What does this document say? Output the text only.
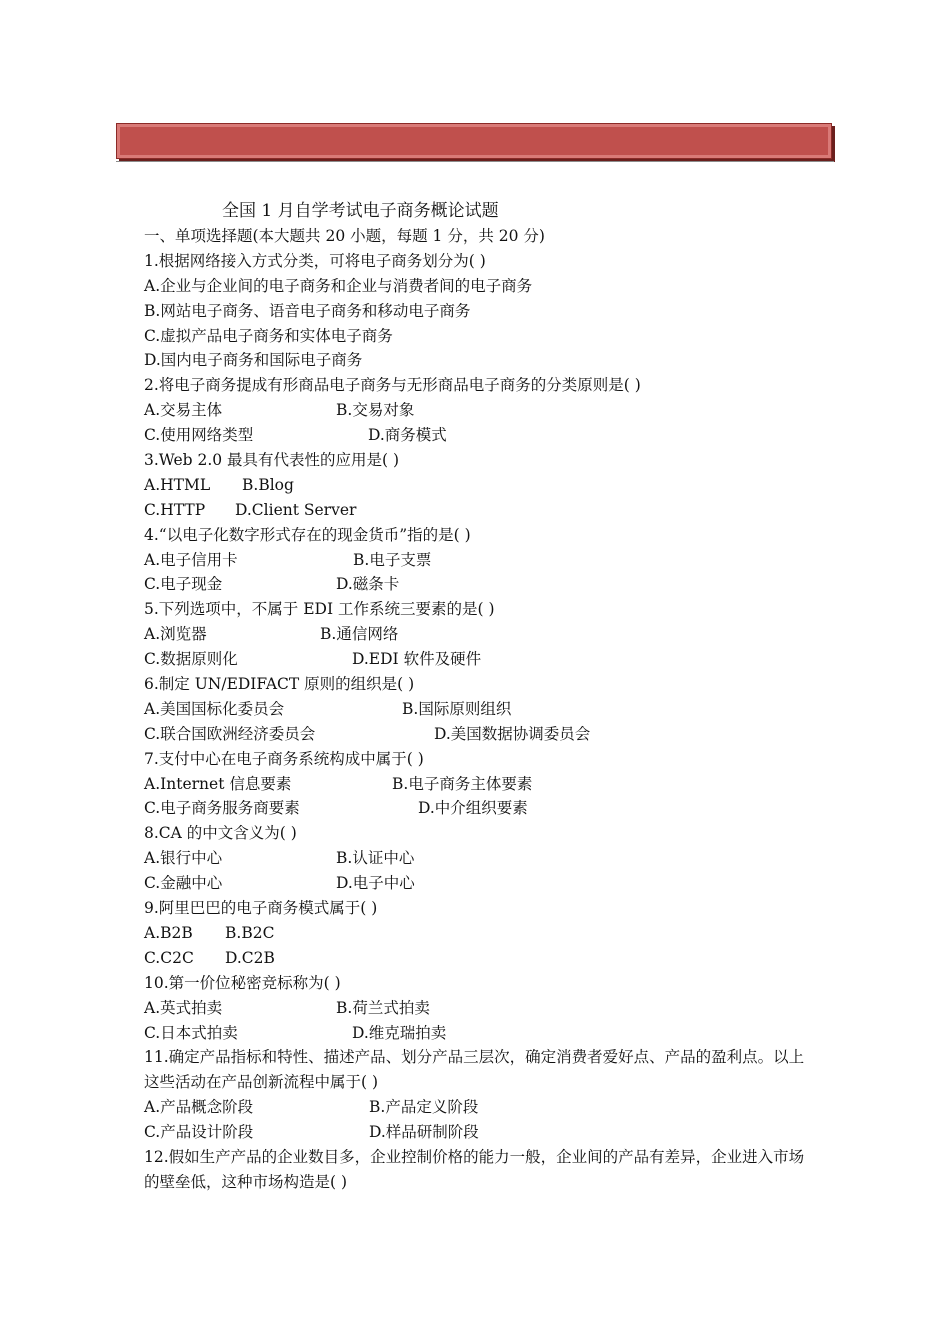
全国 1 月自学考试电子商务概论试题
一、单项选择题(本大题共 20 小题，每题 1 分，共 20 分)
1.根据网络接入方式分类，可将电子商务划分为( )
A.企业与企业间的电子商务和企业与消费者间的电子商务
B.网站电子商务、语音电子商务和移动电子商务
C.虚拟产品电子商务和实体电子商务
D.国内电子商务和国际电子商务
2.将电子商务提成有形商品电子商务与无形商品电子商务的分类原则是( )
A.交易主体	B.交易对象
C.使用网络类型	D.商务模式
3.Web 2.0 最具有代表性的应用是( )
A.HTML B.Blog
C.HTTP D.Client Server
4.“以电子化数字形式存在的现金货币”指的是( )
A.电子信用卡	B.电子支票
C.电子现金	D.磁条卡
5.下列选项中，不属于 EDI 工作系统三要素的是( )
A.浏览器	B.通信网络
C.数据原则化	D.EDI 软件及硬件
6.制定 UN/EDIFACT 原则的组织是( )
A.美国国标化委员会	B.国际原则组织
C.联合国欧洲经济委员会	D.美国数据协调委员会
7.支付中心在电子商务系统构成中属于( )
A.Internet 信息要素	B.电子商务主体要素
C.电子商务服务商要素	D.中介组织要素
8.CA 的中文含义为( )
A.银行中心	B.认证中心
C.金融中心	D.电子中心
9.阿里巴巴的电子商务模式属于( )
A.B2B B.B2C
C.C2C D.C2B
10.第一价位秘密竞标称为( )
A.英式拍卖	B.荷兰式拍卖
C.日本式拍卖	D.维克瑞拍卖
11.确定产品指标和特性、描述产品、划分产品三层次，确定消费者爱好点、产品的盈利点。以上这些活动在产品创新流程中属于( )
A.产品概念阶段	B.产品定义阶段
C.产品设计阶段	D.样品研制阶段
12.假如生产产品的企业数目多，企业控制价格的能力一般，企业间的产品有差异，企业进入市场的壁垒低，这种市场构造是( )
